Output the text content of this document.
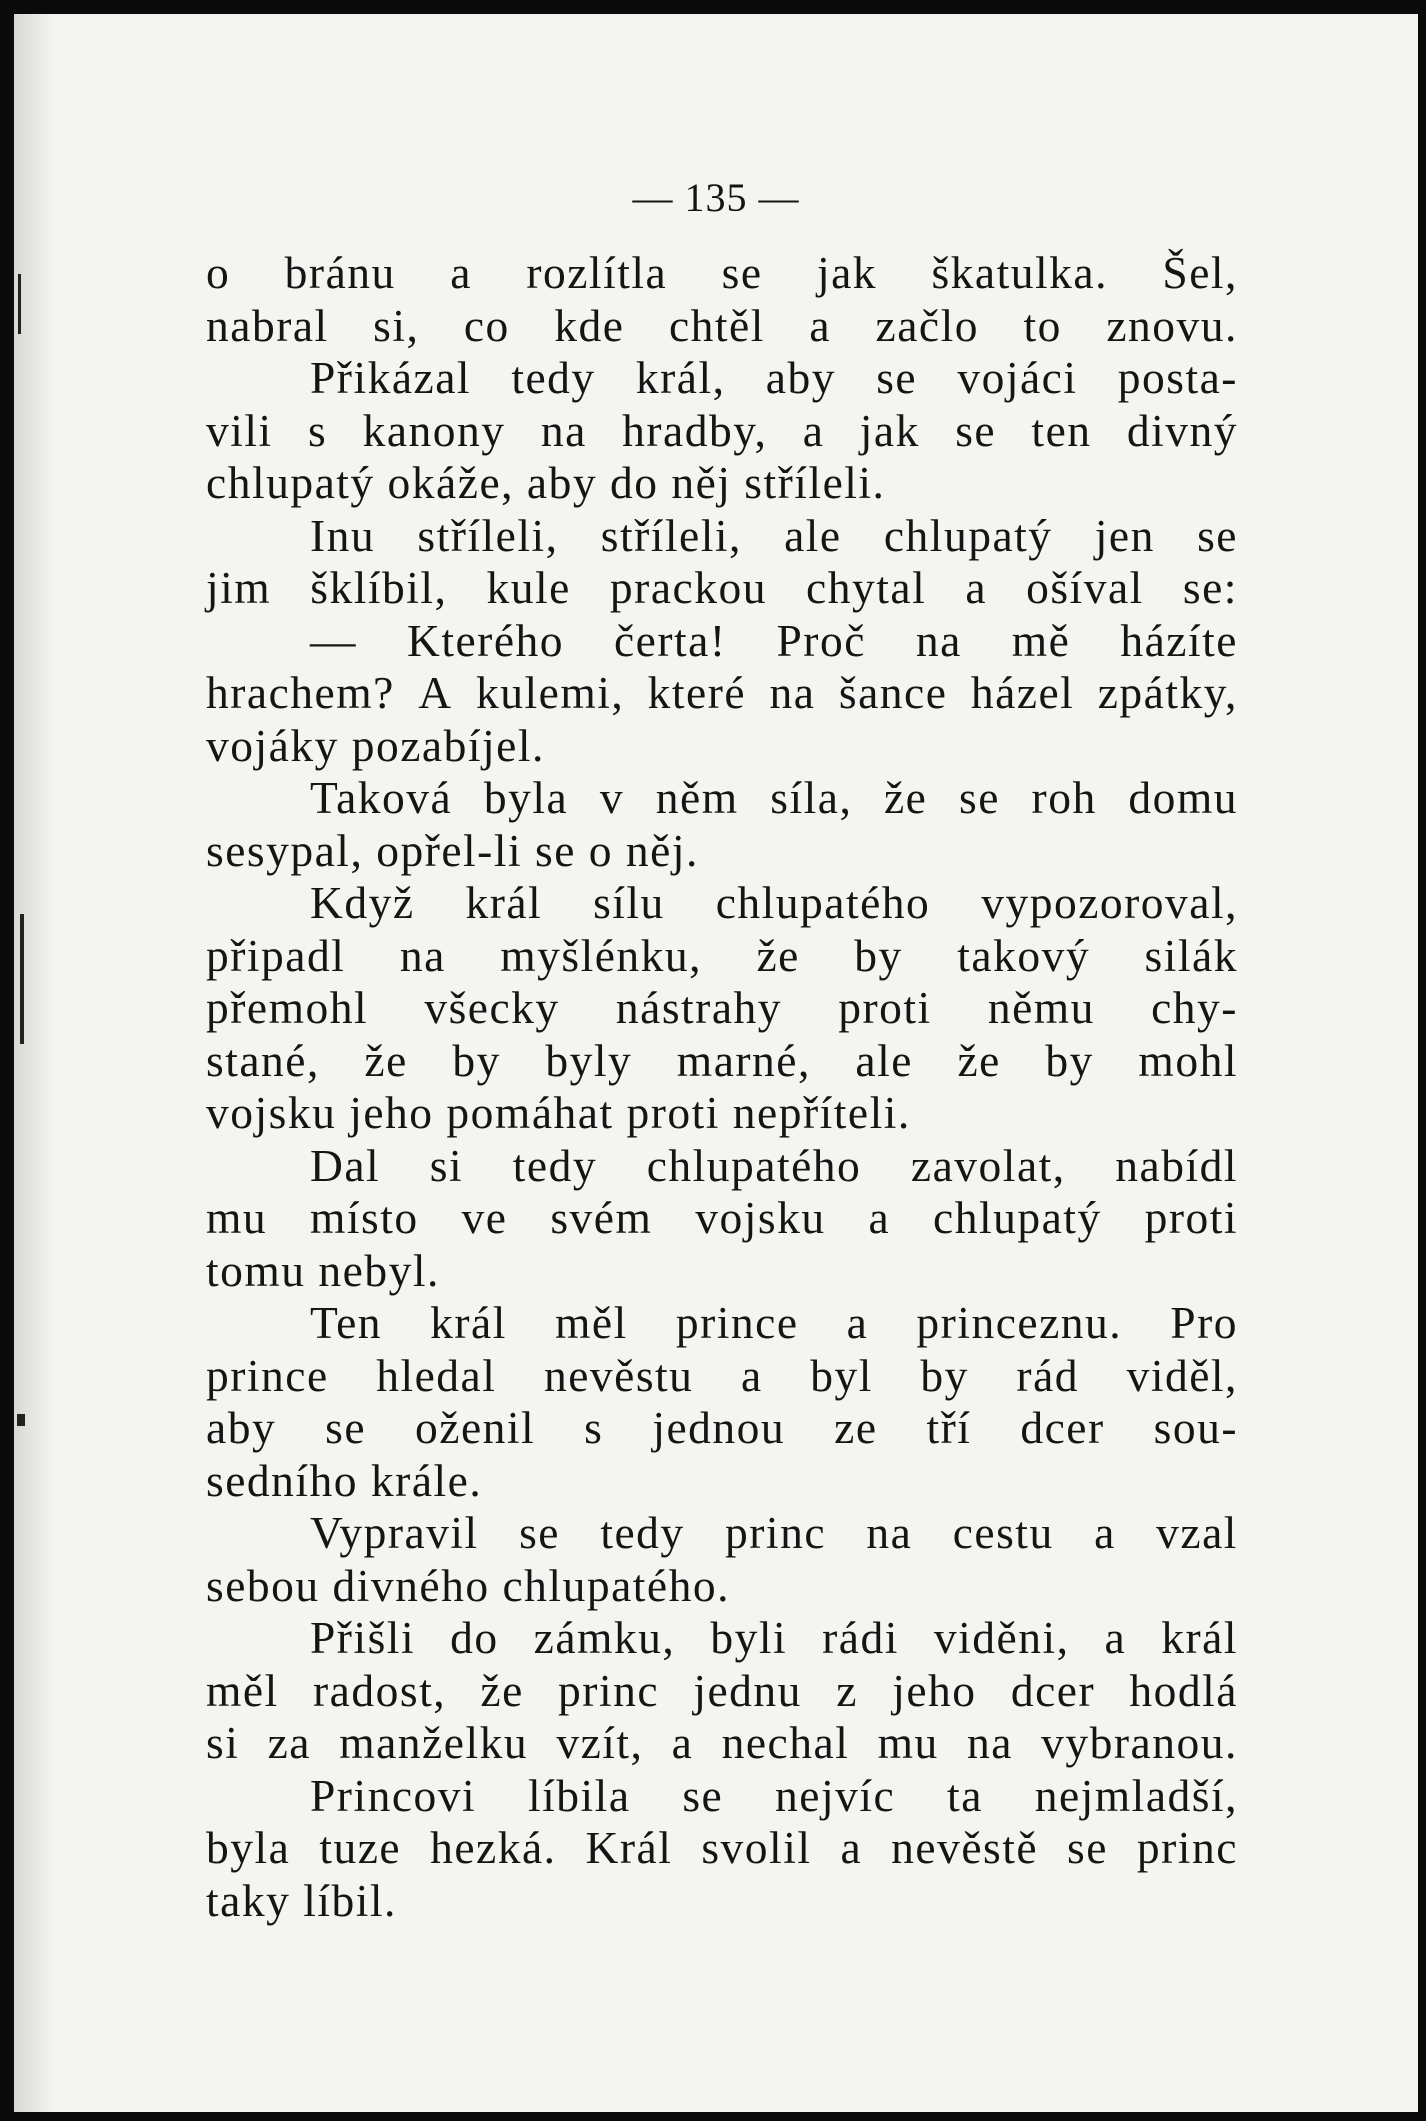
— 135 —
o bránu a rozlítla se jak škatulka. Šel,
nabral si, co kde chtěl a začlo to znovu.
Přikázal tedy král, aby se vojáci posta-
vili s kanony na hradby, a jak se ten divný
chlupatý okáže, aby do něj stříleli.
Inu stříleli, stříleli, ale chlupatý jen se
jim šklíbil, kule prackou chytal a ošíval se:
— Kterého čerta! Proč na mě házíte
hrachem? A kulemi, které na šance házel zpátky,
vojáky pozabíjel.
Taková byla v něm síla, že se roh domu
sesypal, opřel-li se o něj.
Když král sílu chlupatého vypozoroval,
připadl na myšlénku, že by takový silák
přemohl všecky nástrahy proti němu chy-
stané, že by byly marné, ale že by mohl
vojsku jeho pomáhat proti nepříteli.
Dal si tedy chlupatého zavolat, nabídl
mu místo ve svém vojsku a chlupatý proti
tomu nebyl.
Ten král měl prince a princeznu. Pro
prince hledal nevěstu a byl by rád viděl,
aby se oženil s jednou ze tří dcer sou-
sedního krále.
Vypravil se tedy princ na cestu a vzal
sebou divného chlupatého.
Přišli do zámku, byli rádi viděni, a král
měl radost, že princ jednu z jeho dcer hodlá
si za manželku vzít, a nechal mu na vybranou.
Princovi líbila se nejvíc ta nejmladší,
byla tuze hezká. Král svolil a nevěstě se princ
taky líbil.
